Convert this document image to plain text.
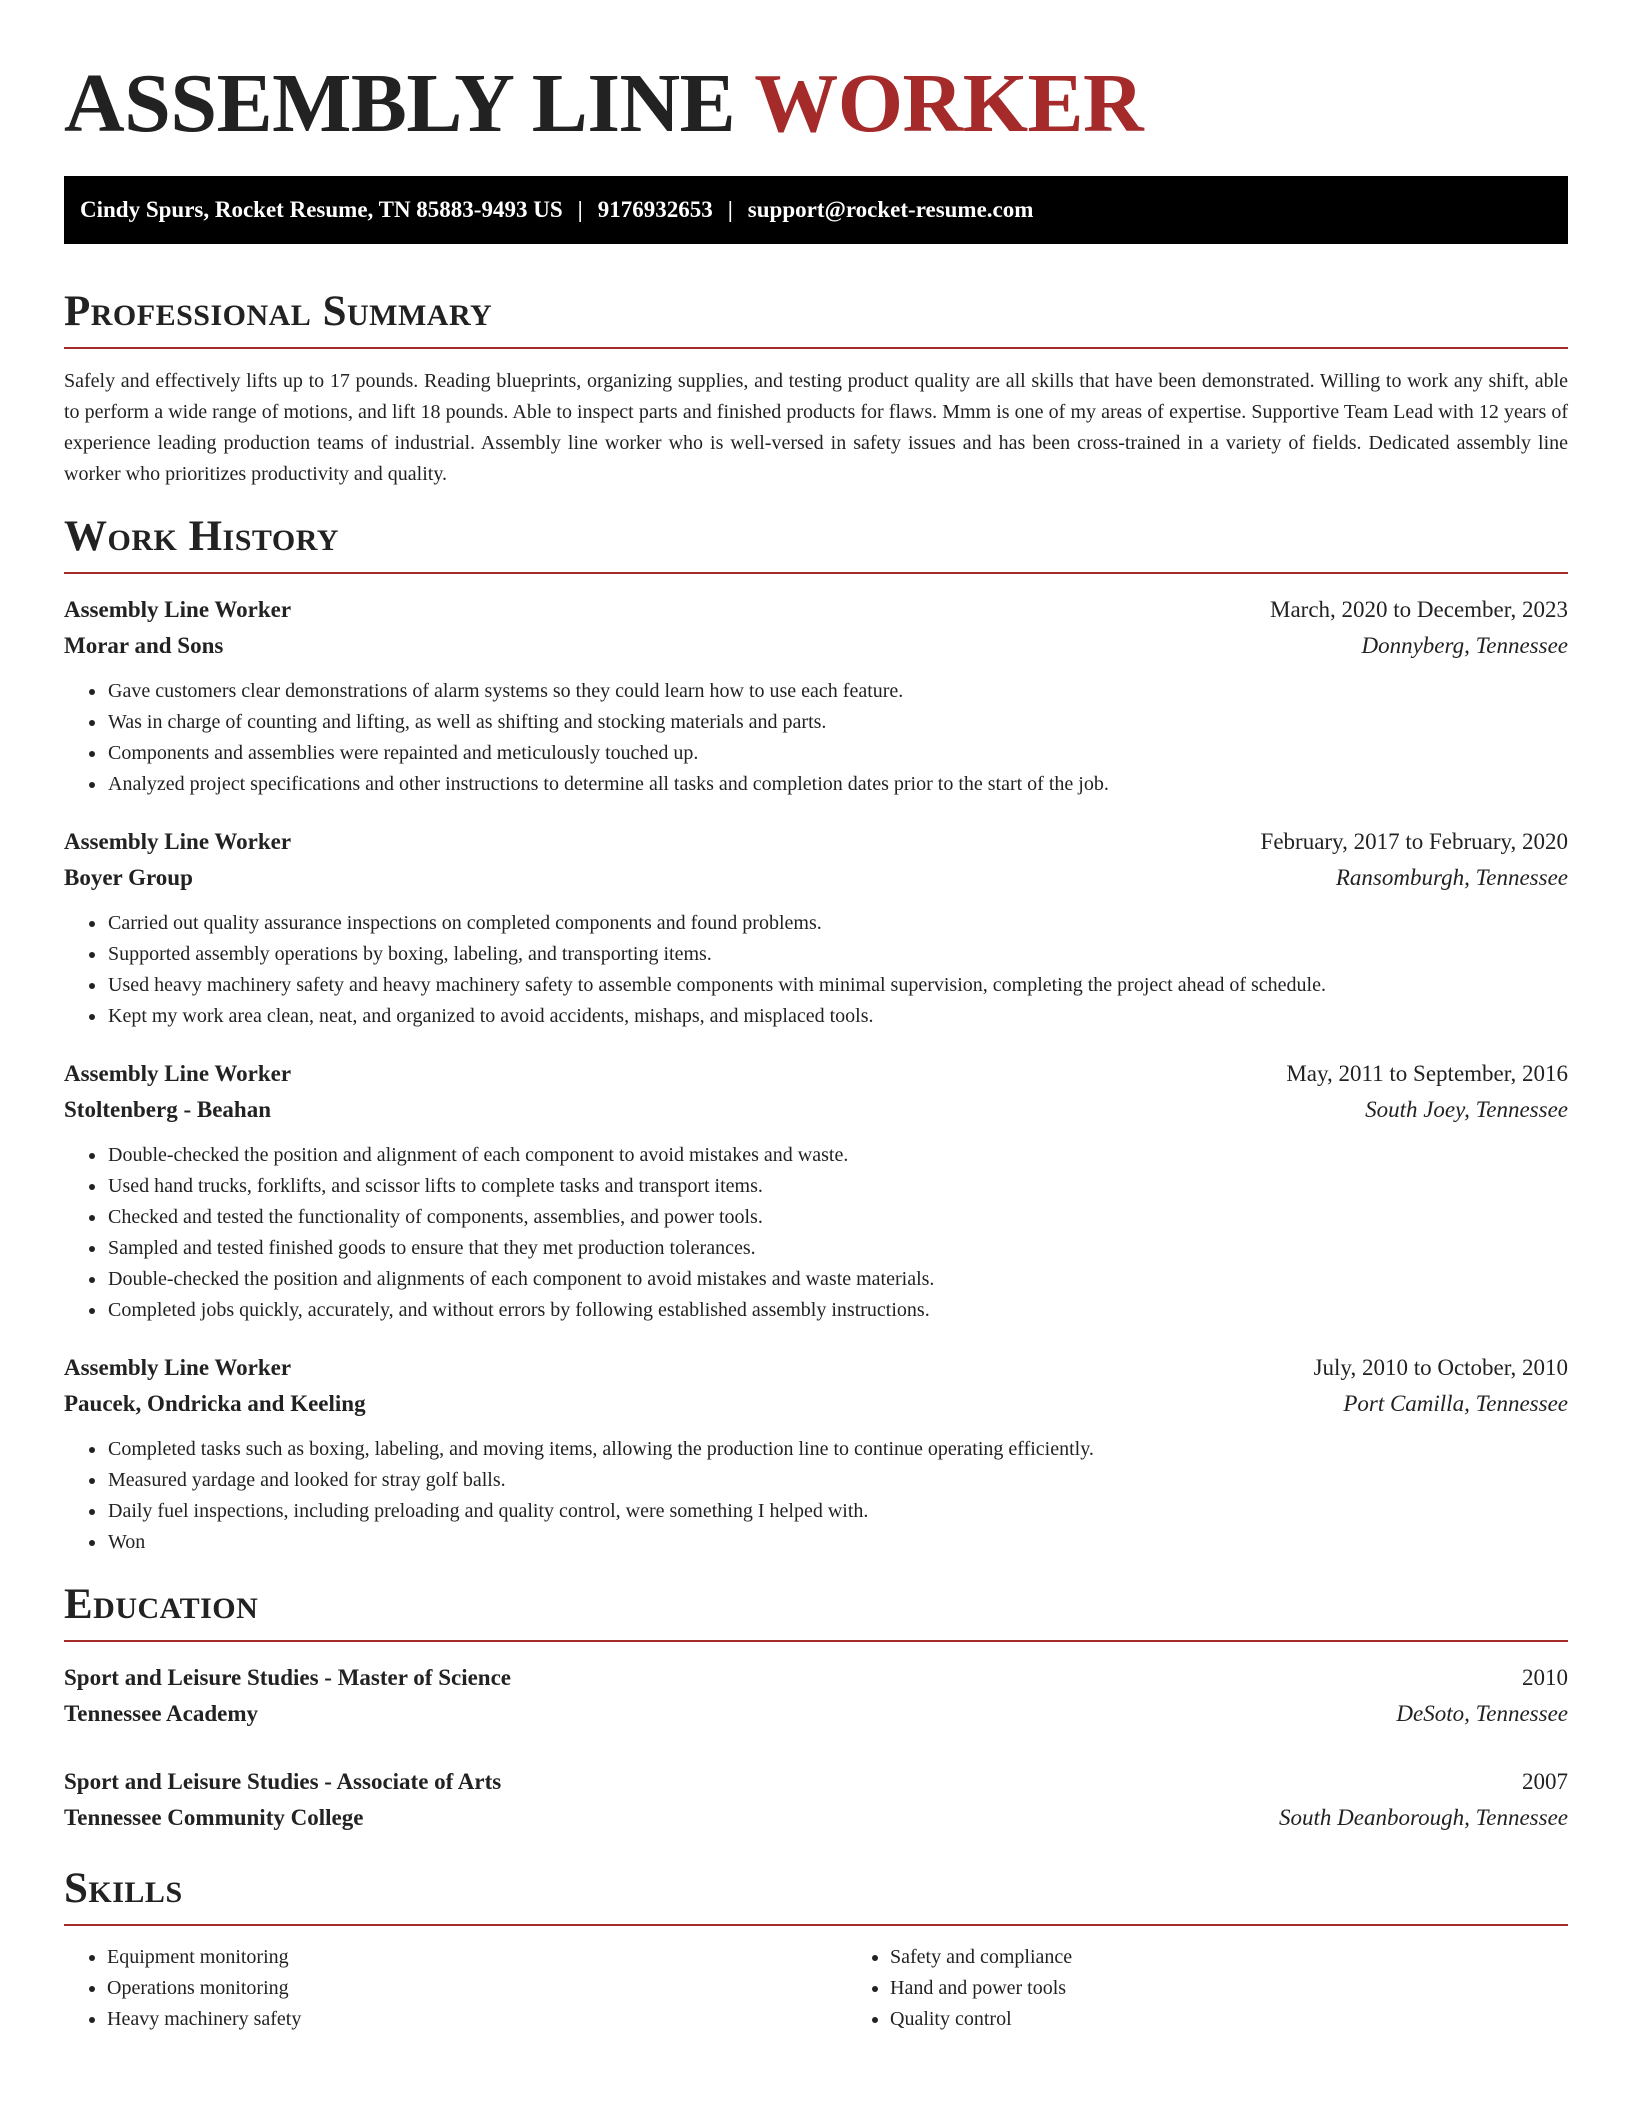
ASSEMBLY LINE WORKER
Cindy Spurs, Rocket Resume, TN 85883-9493 US | 9176932653 | support@rocket-resume.com
Professional Summary

Safely and effectively lifts up to 17 pounds. Reading blueprints, organizing supplies, and testing product quality are all skills that have been demonstrated. Willing to work any shift, able to perform a wide range of motions, and lift 18 pounds. Able to inspect parts and finished products for flaws. Mmm is one of my areas of expertise. Supportive Team Lead with 12 years of experience leading production teams of industrial. Assembly line worker who is well-versed in safety issues and has been cross-trained in a variety of fields. Dedicated assembly line worker who prioritizes productivity and quality.

Work History
Assembly Line Worker	March, 2020 to December, 2023
Morar and Sons	Donnyberg, Tennessee
• Gave customers clear demonstrations of alarm systems so they could learn how to use each feature.
• Was in charge of counting and lifting, as well as shifting and stocking materials and parts.
• Components and assemblies were repainted and meticulously touched up.
• Analyzed project specifications and other instructions to determine all tasks and completion dates prior to the start of the job.
Assembly Line Worker	February, 2017 to February, 2020
Boyer Group	Ransomburgh, Tennessee
• Carried out quality assurance inspections on completed components and found problems.
• Supported assembly operations by boxing, labeling, and transporting items.
• Used heavy machinery safety and heavy machinery safety to assemble components with minimal supervision, completing the project ahead of schedule.
• Kept my work area clean, neat, and organized to avoid accidents, mishaps, and misplaced tools.
Assembly Line Worker	May, 2011 to September, 2016
Stoltenberg - Beahan	South Joey, Tennessee
• Double-checked the position and alignment of each component to avoid mistakes and waste.
• Used hand trucks, forklifts, and scissor lifts to complete tasks and transport items.
• Checked and tested the functionality of components, assemblies, and power tools.
• Sampled and tested finished goods to ensure that they met production tolerances.
• Double-checked the position and alignments of each component to avoid mistakes and waste materials.
• Completed jobs quickly, accurately, and without errors by following established assembly instructions.
Assembly Line Worker	July, 2010 to October, 2010
Paucek, Ondricka and Keeling	Port Camilla, Tennessee
• Completed tasks such as boxing, labeling, and moving items, allowing the production line to continue operating efficiently.
• Measured yardage and looked for stray golf balls.
• Daily fuel inspections, including preloading and quality control, were something I helped with.
• Won
Education
Sport and Leisure Studies - Master of Science	2010
Tennessee Academy	DeSoto, Tennessee
Sport and Leisure Studies - Associate of Arts	2007
Tennessee Community College	South Deanborough, Tennessee
Skills
• Equipment monitoring
• Operations monitoring
• Heavy machinery safety
• Safety and compliance
• Hand and power tools
• Quality control
